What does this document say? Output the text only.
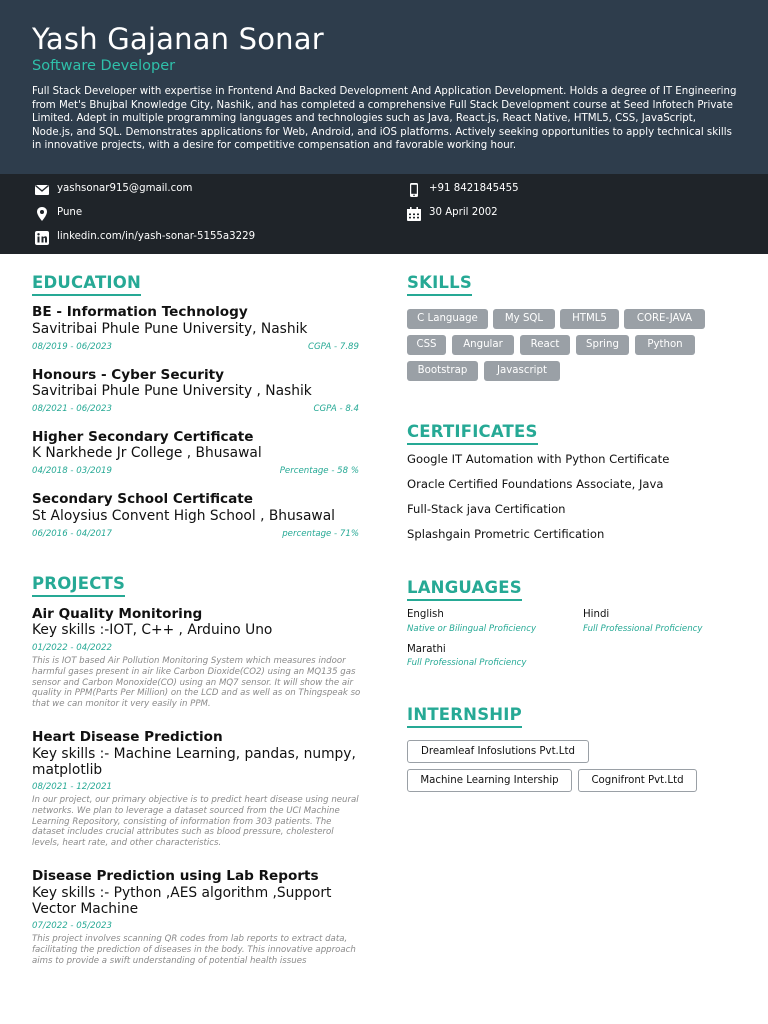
Yash Gajanan Sonar
Software Developer
Full Stack Developer with expertise in Frontend And Backed Development And Application Development. Holds a degree of IT Engineering from Met's Bhujbal Knowledge City, Nashik, and has completed a comprehensive Full Stack Development course at Seed Infotech Private Limited. Adept in multiple programming languages and technologies such as Java, React.js, React Native, HTML5, CSS, JavaScript, Node.js, and SQL. Demonstrates applications for Web, Android, and iOS platforms. Actively seeking opportunities to apply technical skills in innovative projects, with a desire for competitive compensation and favorable working hour.
yashsonar915@gmail.com
Pune
linkedin.com/in/yash-sonar-5155a3229
+91 8421845455
30 April 2002
EDUCATION
BE - Information Technology
Savitribai Phule Pune University, Nashik
08/2019 - 06/2023	CGPA - 7.89
Honours - Cyber Security
Savitribai Phule Pune University , Nashik
08/2021 - 06/2023	CGPA - 8.4
Higher Secondary Certificate
K Narkhede Jr College , Bhusawal
04/2018 - 03/2019	Percentage - 58 %
Secondary School Certificate
St Aloysius Convent High School , Bhusawal
06/2016 - 04/2017	percentage - 71%
PROJECTS
Air Quality Monitoring
Key skills :-IOT, C++ , Arduino Uno
01/2022 - 04/2022
This is IOT based Air Pollution Monitoring System which measures indoor harmful gases present in air like Carbon Dioxide(CO2) using an MQ135 gas sensor and Carbon Monoxide(CO) using an MQ7 sensor. It will show the air quality in PPM(Parts Per Million) on the LCD and as well as on Thingspeak so that we can monitor it very easily in PPM.
Heart Disease Prediction
Key skills :- Machine Learning, pandas, numpy, matplotlib
08/2021 - 12/2021
In our project, our primary objective is to predict heart disease using neural networks. We plan to leverage a dataset sourced from the UCI Machine Learning Repository, consisting of information from 303 patients. The dataset includes crucial attributes such as blood pressure, cholesterol levels, heart rate, and other characteristics.
Disease Prediction using Lab Reports
Key skills :- Python ,AES algorithm ,Support Vector Machine
07/2022 - 05/2023
This project involves scanning QR codes from lab reports to extract data, facilitating the prediction of diseases in the body. This innovative approach aims to provide a swift understanding of potential health issues
SKILLS
C Language	My SQL	HTML5	CORE-JAVA
CSS	Angular	React	Spring	Python
Bootstrap	Javascript
CERTIFICATES
Google IT Automation with Python Certificate
Oracle Certified Foundations Associate, Java
Full-Stack java Certification
Splashgain Prometric Certification
LANGUAGES
English
Native or Bilingual Proficiency
Hindi
Full Professional Proficiency
Marathi
Full Professional Proficiency
INTERNSHIP
Dreamleaf Infoslutions Pvt.Ltd
Machine Learning Intership	Cognifront Pvt.Ltd
